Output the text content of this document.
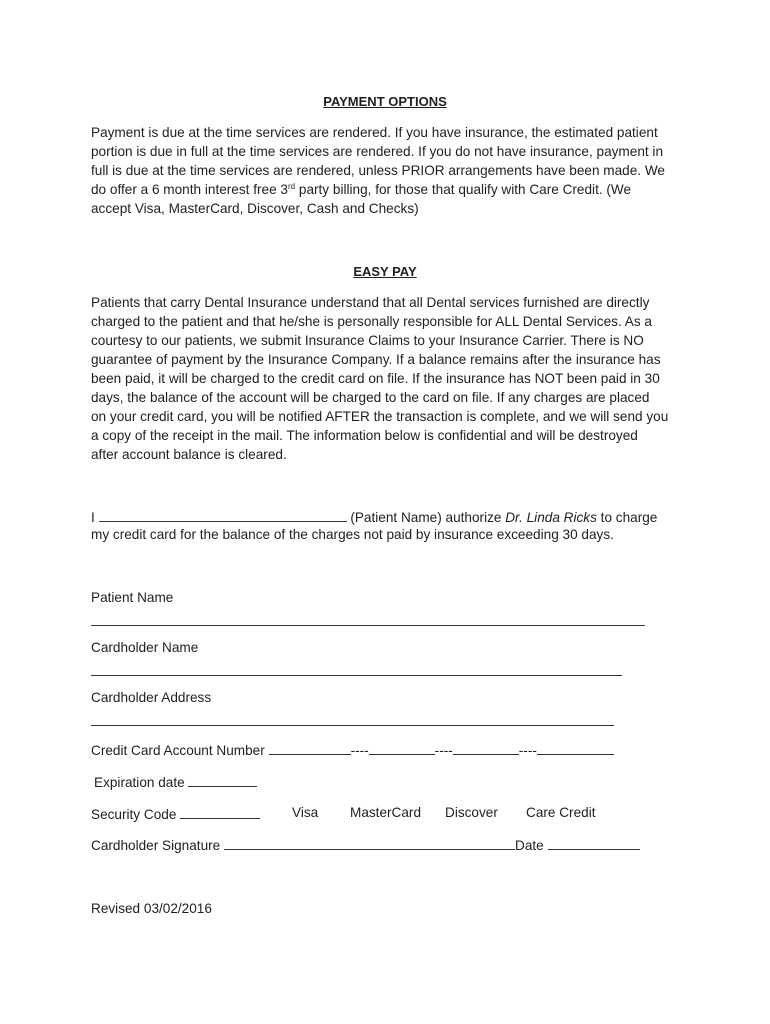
PAYMENT OPTIONS
Payment is due at the time services are rendered. If you have insurance, the estimated patient
portion is due in full at the time services are rendered. If you do not have insurance, payment in
full is due at the time services are rendered, unless PRIOR arrangements have been made. We
do offer a 6 month interest free 3rd party billing, for those that qualify with Care Credit. (We
accept Visa, MasterCard, Discover, Cash and Checks)
EASY PAY
Patients that carry Dental Insurance understand that all Dental services furnished are directly
charged to the patient and that he/she is personally responsible for ALL Dental Services. As a
courtesy to our patients, we submit Insurance Claims to your Insurance Carrier. There is NO
guarantee of payment by the Insurance Company. If a balance remains after the insurance has
been paid, it will be charged to the credit card on file. If the insurance has NOT been paid in 30
days, the balance of the account will be charged to the card on file. If any charges are placed
on your credit card, you will be notified AFTER the transaction is complete, and we will send you
a copy of the receipt in the mail. The information below is confidential and will be destroyed
after account balance is cleared.
I	(Patient Name) authorize Dr. Linda Ricks to charge
my credit card for the balance of the charges not paid by insurance exceeding 30 days.
Patient Name
Cardholder Name
Cardholder Address
Credit Card Account Number	----	----	----
Expiration date
Security Code	Visa MasterCard Discover Care Credit
Cardholder Signature	Date
Revised 03/02/2016
